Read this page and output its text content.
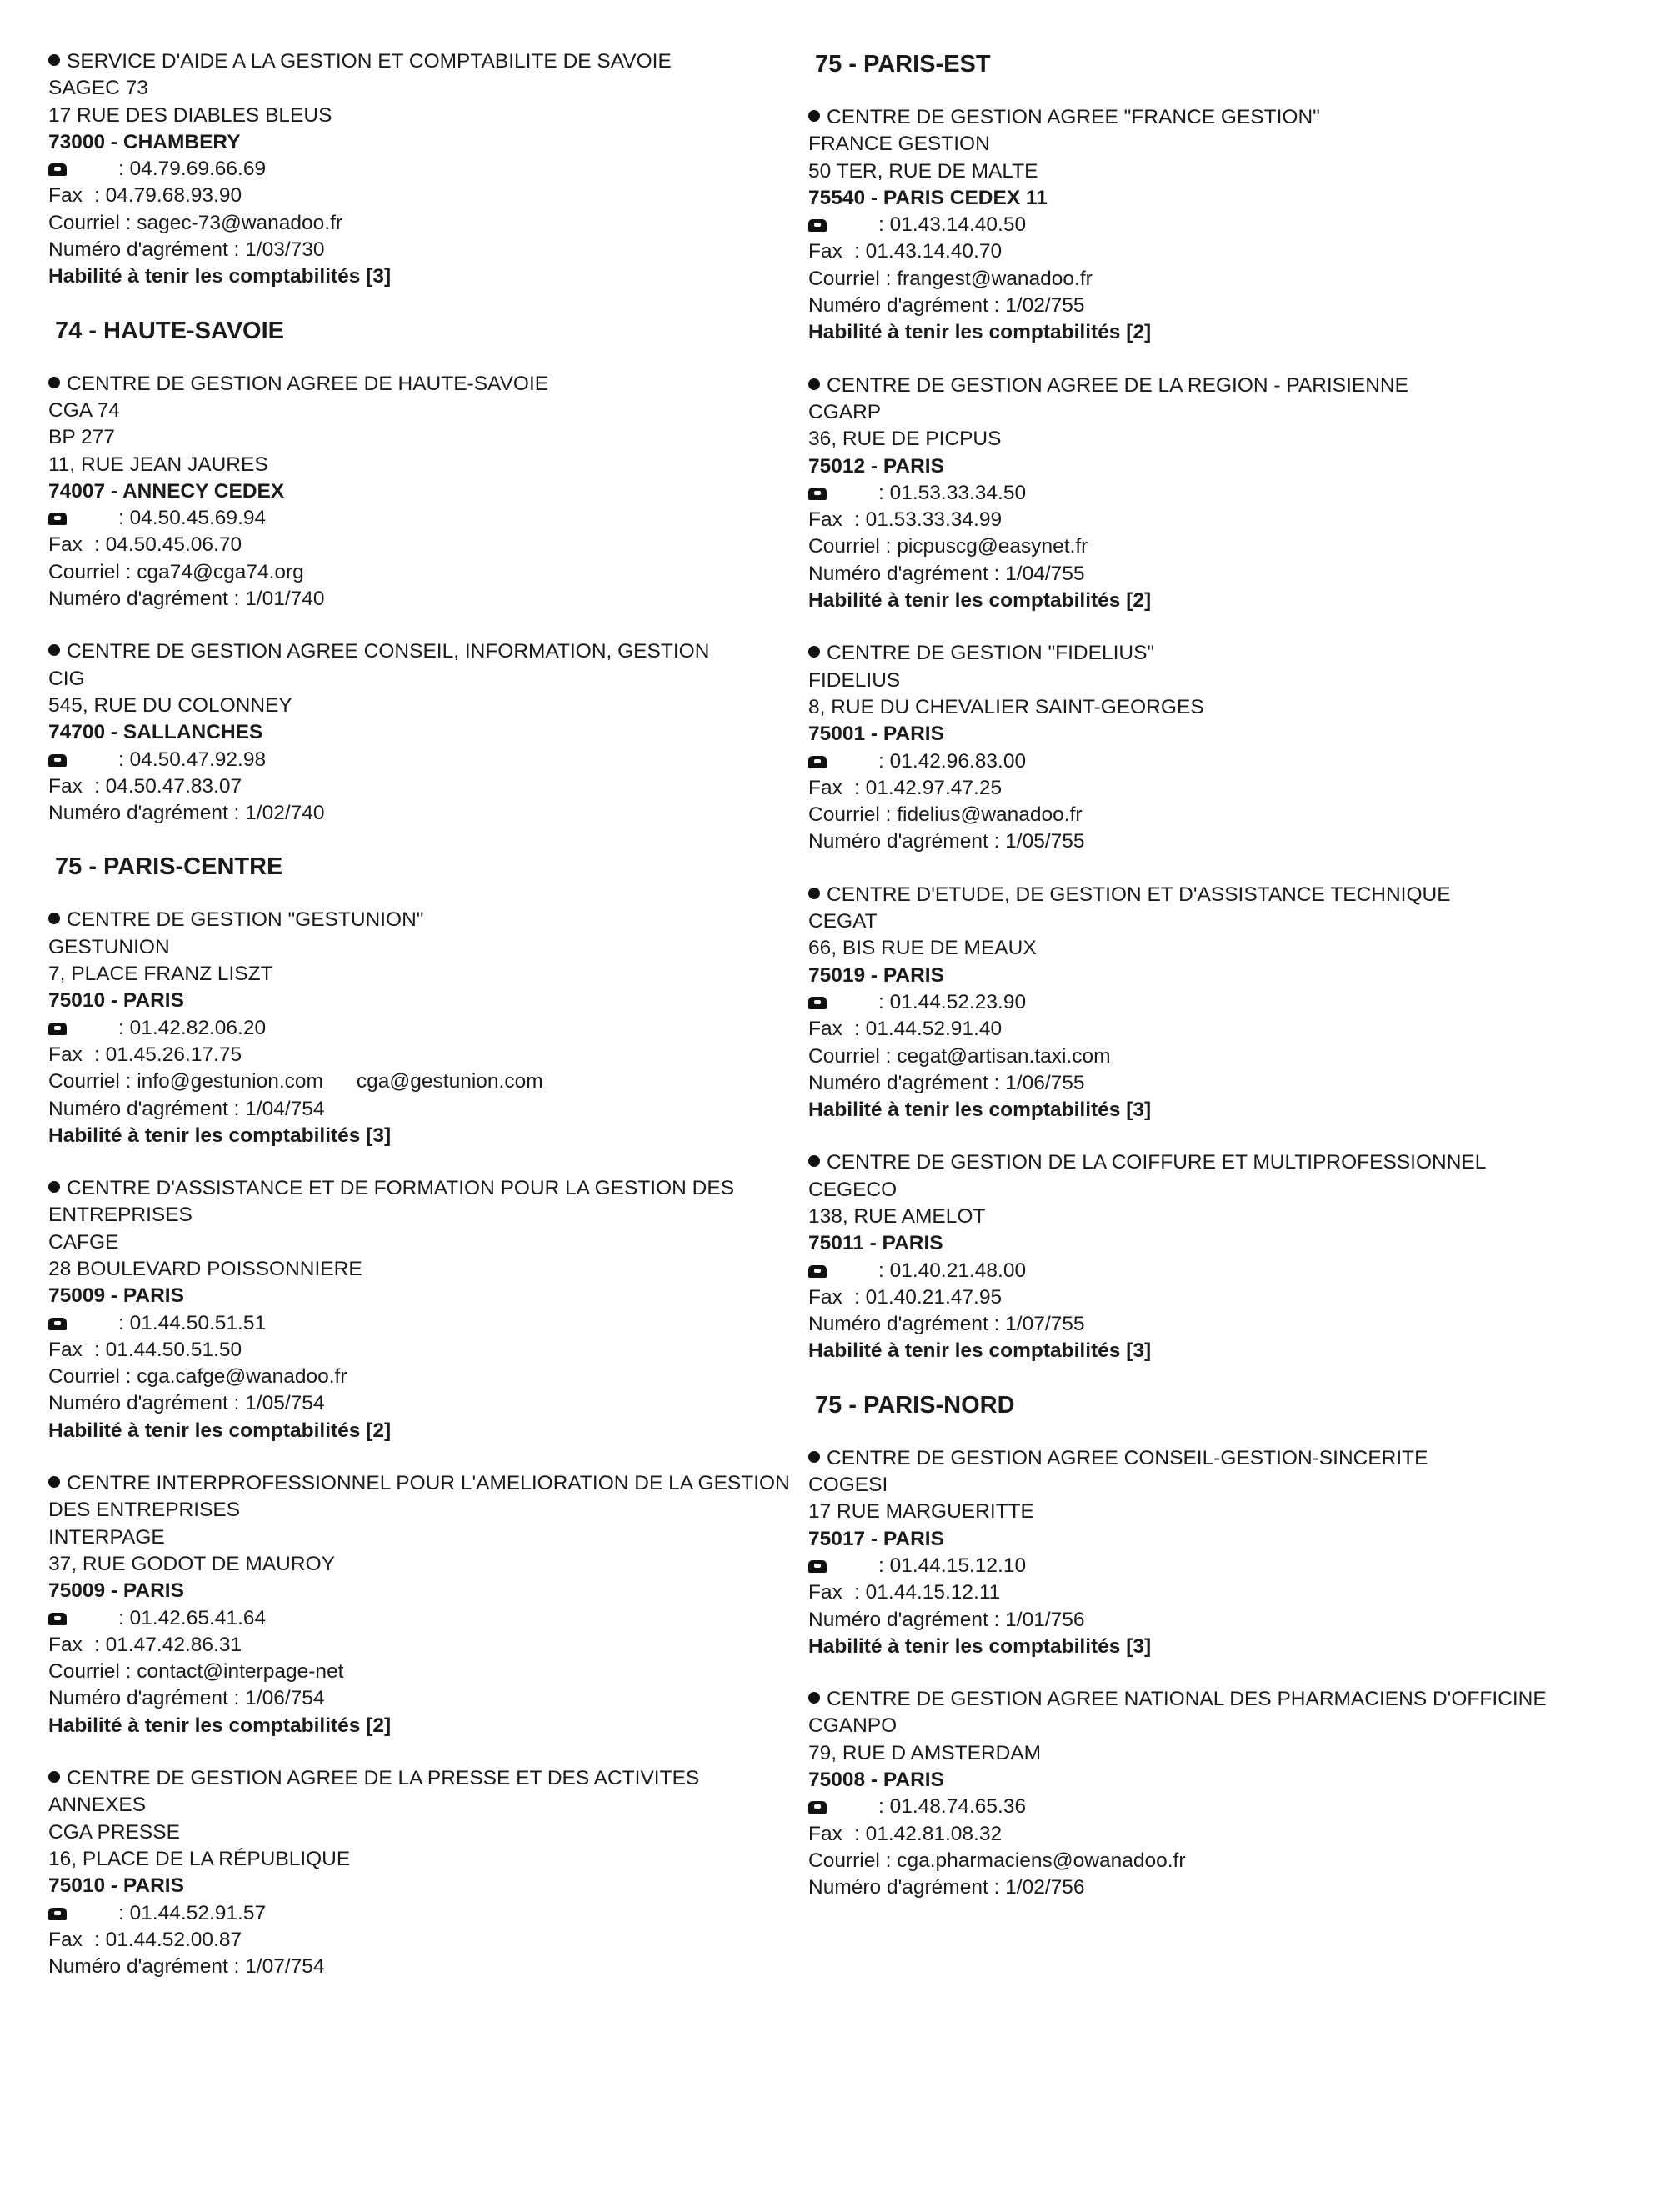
SERVICE D'AIDE A LA GESTION ET COMPTABILITE DE SAVOIE
SAGEC 73
17 RUE DES DIABLES BLEUS
73000 - CHAMBERY
: 04.79.69.66.69
Fax : 04.79.68.93.90
Courriel : sagec-73@wanadoo.fr
Numéro d'agrément : 1/03/730
Habilité à tenir les comptabilités [3]
74 - HAUTE-SAVOIE
CENTRE DE GESTION AGREE DE HAUTE-SAVOIE
CGA 74
BP 277
11, RUE JEAN JAURES
74007 - ANNECY CEDEX
: 04.50.45.69.94
Fax : 04.50.45.06.70
Courriel : cga74@cga74.org
Numéro d'agrément : 1/01/740
CENTRE DE GESTION AGREE CONSEIL, INFORMATION, GESTION
CIG
545, RUE DU COLONNEY
74700 - SALLANCHES
: 04.50.47.92.98
Fax : 04.50.47.83.07
Numéro d'agrément : 1/02/740
75 - PARIS-CENTRE
CENTRE DE GESTION "GESTUNION"
GESTUNION
7, PLACE FRANZ LISZT
75010 - PARIS
: 01.42.82.06.20
Fax : 01.45.26.17.75
Courriel : info@gestunion.com cga@gestunion.com
Numéro d'agrément : 1/04/754
Habilité à tenir les comptabilités [3]
CENTRE D'ASSISTANCE ET DE FORMATION POUR LA GESTION DES ENTREPRISES
CAFGE
28 BOULEVARD POISSONNIERE
75009 - PARIS
: 01.44.50.51.51
Fax : 01.44.50.51.50
Courriel : cga.cafge@wanadoo.fr
Numéro d'agrément : 1/05/754
Habilité à tenir les comptabilités [2]
CENTRE INTERPROFESSIONNEL POUR L'AMELIORATION DE LA GESTION DES ENTREPRISES
INTERPAGE
37, RUE GODOT DE MAUROY
75009 - PARIS
: 01.42.65.41.64
Fax : 01.47.42.86.31
Courriel : contact@interpage-net
Numéro d'agrément : 1/06/754
Habilité à tenir les comptabilités [2]
CENTRE DE GESTION AGREE DE LA PRESSE ET DES ACTIVITES ANNEXES
CGA PRESSE
16, PLACE DE LA RÉPUBLIQUE
75010 - PARIS
: 01.44.52.91.57
Fax : 01.44.52.00.87
Numéro d'agrément : 1/07/754
75 - PARIS-EST
CENTRE DE GESTION AGREE "FRANCE GESTION"
FRANCE GESTION
50 TER, RUE DE MALTE
75540 - PARIS CEDEX 11
: 01.43.14.40.50
Fax : 01.43.14.40.70
Courriel : frangest@wanadoo.fr
Numéro d'agrément : 1/02/755
Habilité à tenir les comptabilités [2]
CENTRE DE GESTION AGREE DE LA REGION - PARISIENNE
CGARP
36, RUE DE PICPUS
75012 - PARIS
: 01.53.33.34.50
Fax : 01.53.33.34.99
Courriel : picpuscg@easynet.fr
Numéro d'agrément : 1/04/755
Habilité à tenir les comptabilités [2]
CENTRE DE GESTION "FIDELIUS"
FIDELIUS
8, RUE DU CHEVALIER SAINT-GEORGES
75001 - PARIS
: 01.42.96.83.00
Fax : 01.42.97.47.25
Courriel : fidelius@wanadoo.fr
Numéro d'agrément : 1/05/755
CENTRE D'ETUDE, DE GESTION ET D'ASSISTANCE TECHNIQUE
CEGAT
66, BIS RUE DE MEAUX
75019 - PARIS
: 01.44.52.23.90
Fax : 01.44.52.91.40
Courriel : cegat@artisan.taxi.com
Numéro d'agrément : 1/06/755
Habilité à tenir les comptabilités [3]
CENTRE DE GESTION DE LA COIFFURE ET MULTIPROFESSIONNEL
CEGECO
138, RUE AMELOT
75011 - PARIS
: 01.40.21.48.00
Fax : 01.40.21.47.95
Numéro d'agrément : 1/07/755
Habilité à tenir les comptabilités [3]
75 - PARIS-NORD
CENTRE DE GESTION AGREE CONSEIL-GESTION-SINCERITE
COGESI
17 RUE MARGUERITTE
75017 - PARIS
: 01.44.15.12.10
Fax : 01.44.15.12.11
Numéro d'agrément : 1/01/756
Habilité à tenir les comptabilités [3]
CENTRE DE GESTION AGREE NATIONAL DES PHARMACIENS D'OFFICINE
CGANPO
79, RUE D AMSTERDAM
75008 - PARIS
: 01.48.74.65.36
Fax : 01.42.81.08.32
Courriel : cga.pharmaciens@owanadoo.fr
Numéro d'agrément : 1/02/756
